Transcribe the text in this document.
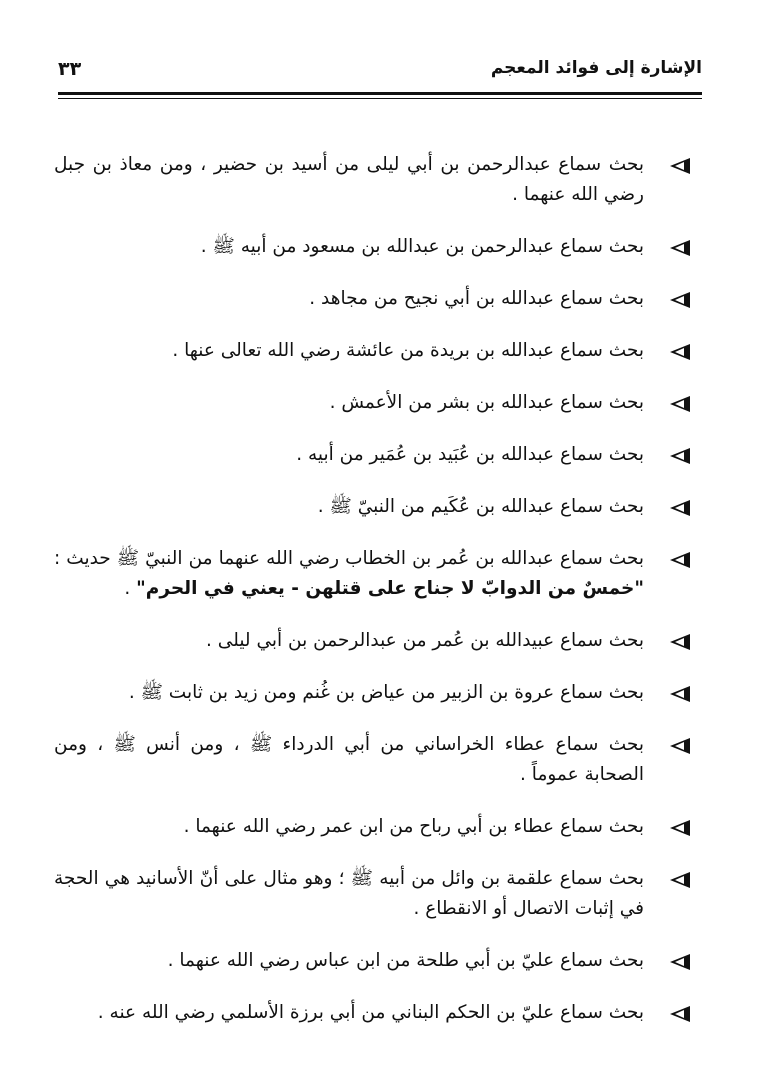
الإشارة إلى فوائد المعجم
٣٣
بحث سماع عبدالرحمن بن أبي ليلى من أسيد بن حضير ، ومن معاذ بن جبل رضي الله عنهما .
بحث سماع عبدالرحمن بن عبدالله بن مسعود من أبيه ﷺ .
بحث سماع عبدالله بن أبي نجيح من مجاهد .
بحث سماع عبدالله بن بريدة من عائشة رضي الله تعالى عنها .
بحث سماع عبدالله بن بشر من الأعمش .
بحث سماع عبدالله بن عُبَيد بن عُمَير من أبيه .
بحث سماع عبدالله بن عُكَيم من النبيّ ﷺ .
بحث سماع عبدالله بن عُمر بن الخطاب رضي الله عنهما من النبيّ ﷺ حديث : "خمسٌ من الدوابّ لا جناح على قتلهن - يعني في الحرم" .
بحث سماع عبيدالله بن عُمر من عبدالرحمن بن أبي ليلى .
بحث سماع عروة بن الزبير من عياض بن غُنم ومن زيد بن ثابت ﷺ .
بحث سماع عطاء الخراساني من أبي الدرداء ﷺ ، ومن أنس ﷺ ، ومن الصحابة عموماً .
بحث سماع عطاء بن أبي رباح من ابن عمر رضي الله عنهما .
بحث سماع علقمة بن وائل من أبيه ﷺ ؛ وهو مثال على أنّ الأسانيد هي الحجة في إثبات الاتصال أو الانقطاع .
بحث سماع عليّ بن أبي طلحة من ابن عباس رضي الله عنهما .
بحث سماع عليّ بن الحكم البناني من أبي برزة الأسلمي رضي الله عنه .
